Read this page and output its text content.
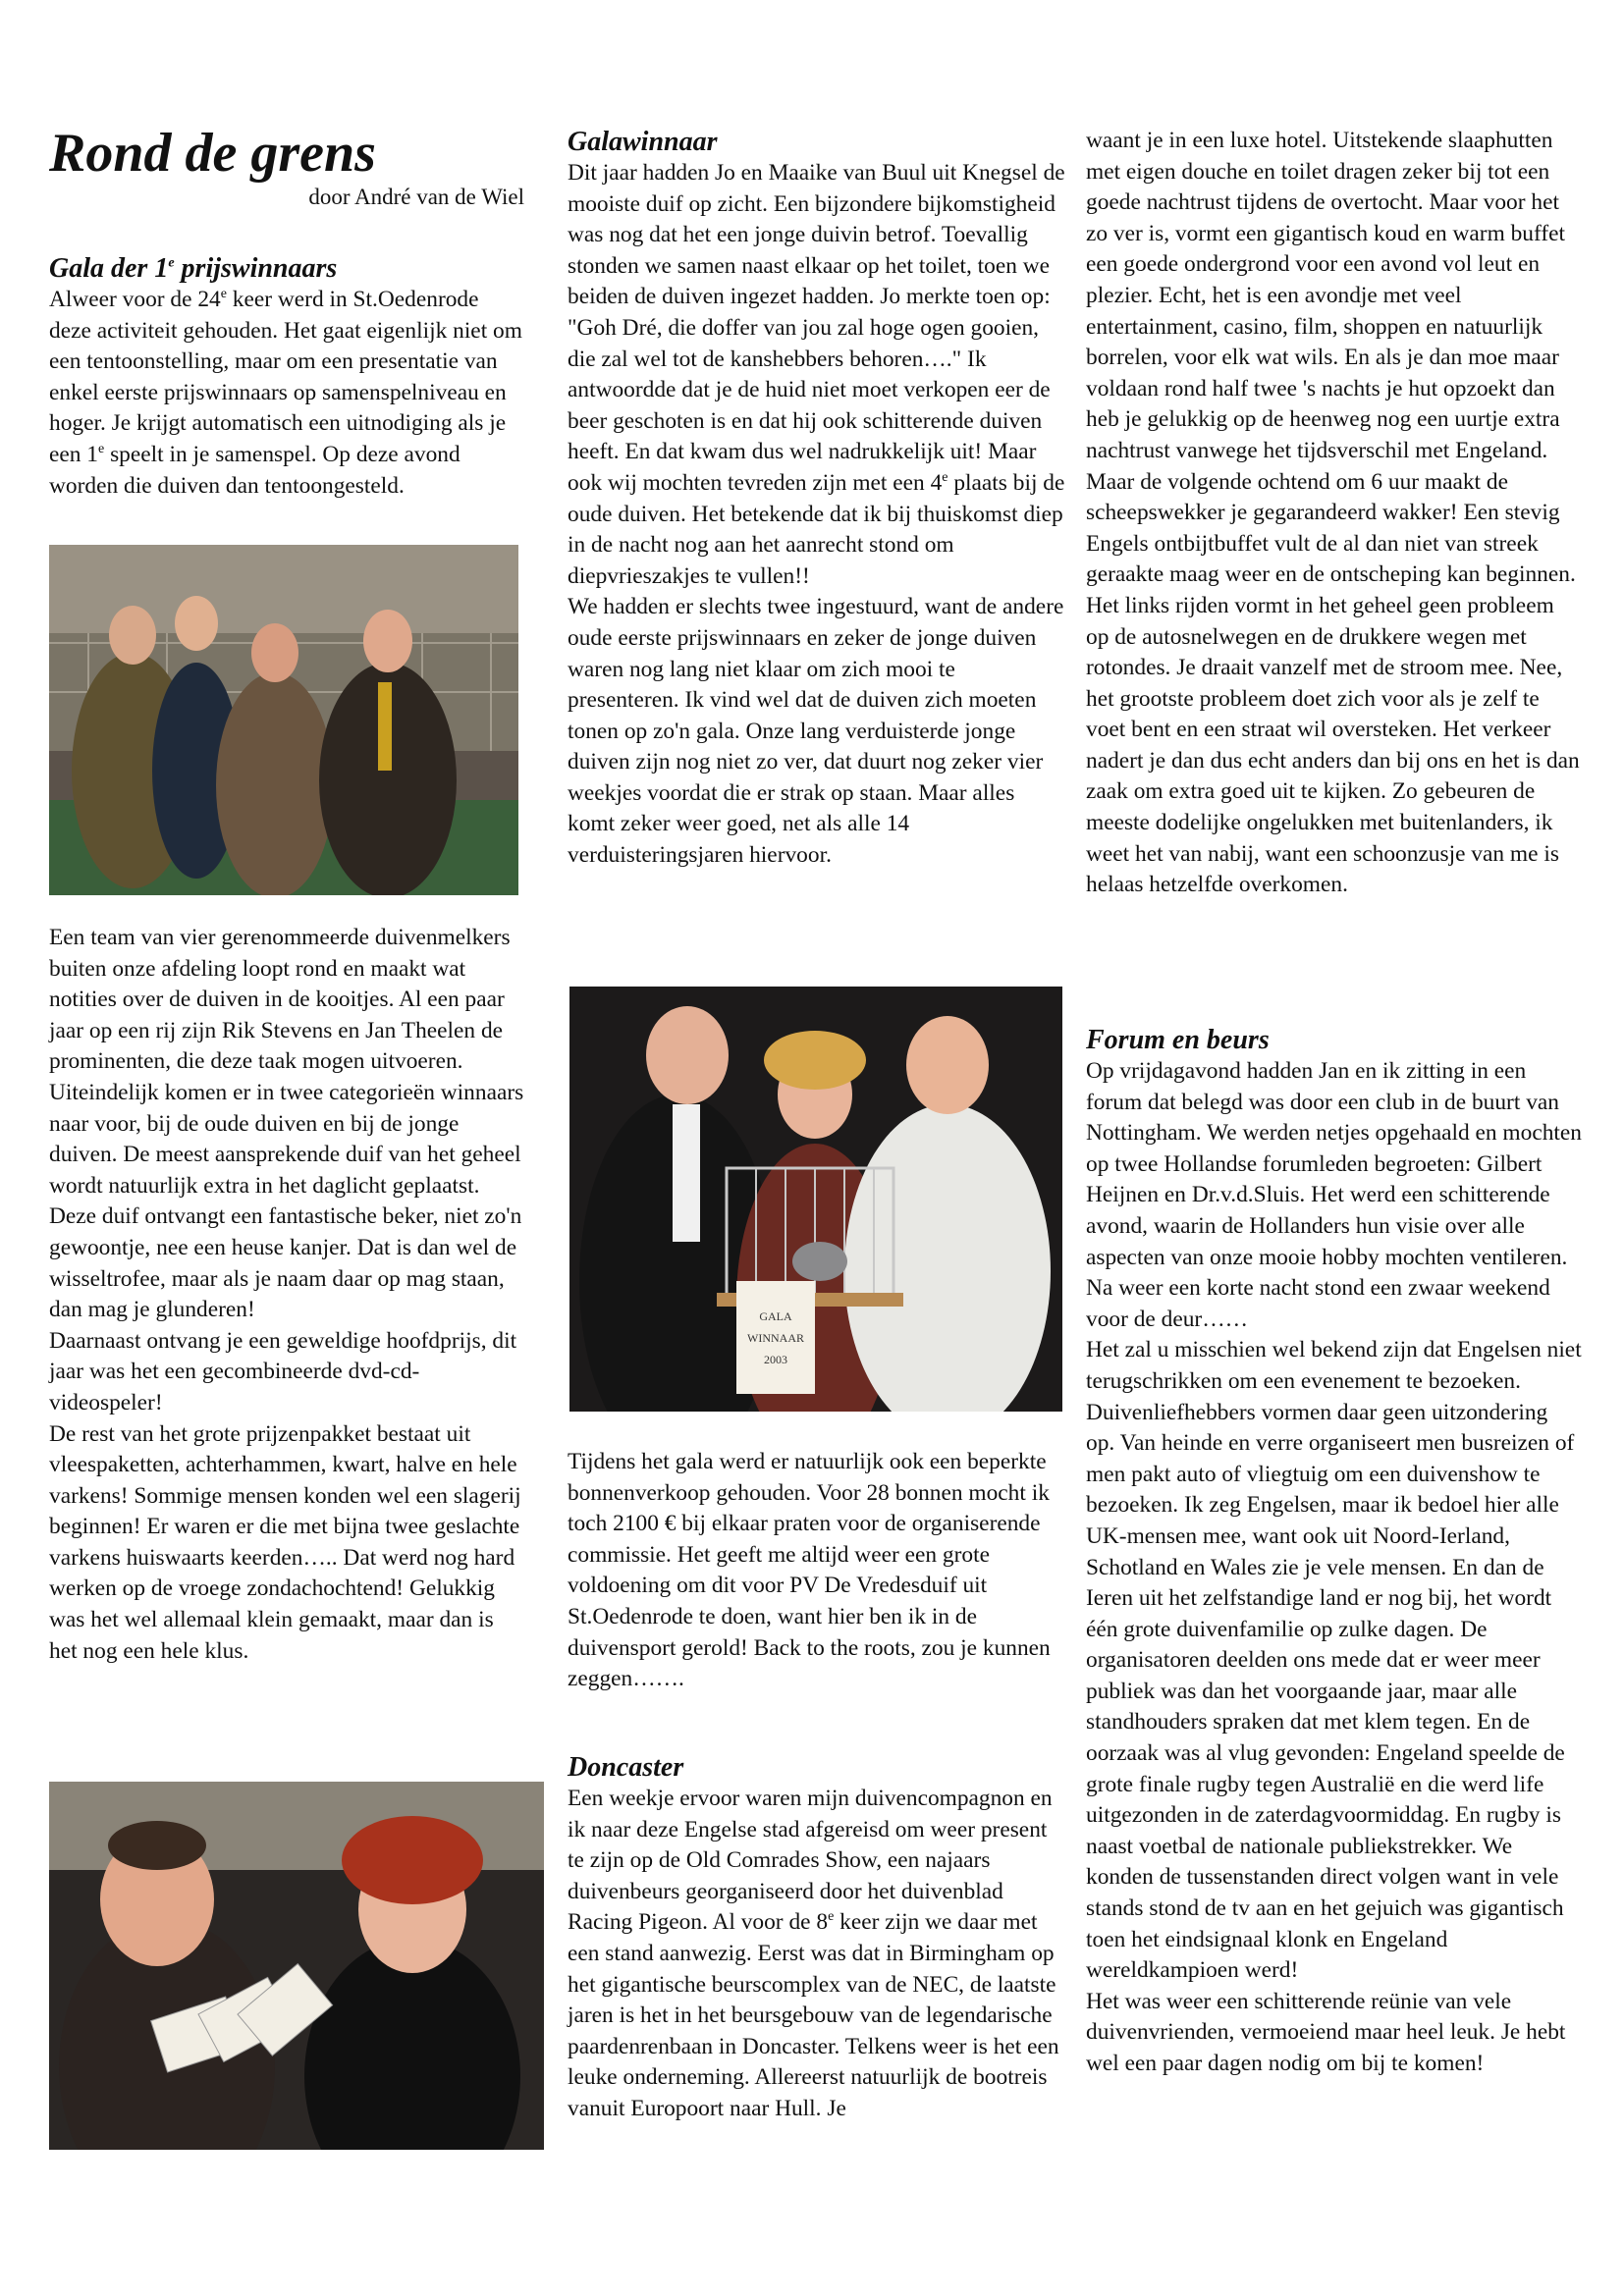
Rond de grens
door André van de Wiel
Gala der 1e prijswinnaars

Alweer voor de 24e keer werd in St.Oedenrode deze activiteit gehouden. Het gaat eigenlijk niet om een tentoonstelling, maar om een presentatie van enkel eerste prijswinnaars op samenspelniveau en hoger. Je krijgt automatisch een uitnodiging als je een 1e speelt in je samenspel. Op deze avond worden die duiven dan tentoongesteld.

Een team van vier gerenommeerde duivenmelkers buiten onze afdeling loopt rond en maakt wat notities over de duiven in de kooitjes. Al een paar jaar op een rij zijn Rik Stevens en Jan Theelen de prominenten, die deze taak mogen uitvoeren. Uiteindelijk komen er in twee categorieën winnaars naar voor, bij de oude duiven en bij de jonge duiven. De meest aansprekende duif van het geheel wordt natuurlijk extra in het daglicht geplaatst. Deze duif ontvangt een fantastische beker, niet zo'n gewoontje, nee een heuse kanjer. Dat is dan wel de wisseltrofee, maar als je naam daar op mag staan, dan mag je glunderen!
Daarnaast ontvang je een geweldige hoofdprijs, dit jaar was het een gecombineerde dvd-cd-videospeler!
De rest van het grote prijzenpakket bestaat uit vleespaketten, achterhammen, kwart, halve en hele varkens! Sommige mensen konden wel een slagerij beginnen! Er waren er die met bijna twee geslachte varkens huiswaarts keerden….. Dat werd nog hard werken op de vroege zondachochtend! Gelukkig was het wel allemaal klein gemaakt, maar dan is het nog een hele klus.

Galawinnaar

Dit jaar hadden Jo en Maaike van Buul uit Knegsel de mooiste duif op zicht. Een bijzondere bijkomstigheid was nog dat het een jonge duivin betrof. Toevallig stonden we samen naast elkaar op het toilet, toen we beiden de duiven ingezet hadden. Jo merkte toen op: "Goh Dré, die doffer van jou zal hoge ogen gooien, die zal wel tot de kanshebbers behoren…." Ik antwoordde dat je de huid niet moet verkopen eer de beer geschoten is en dat hij ook schitterende duiven heeft. En dat kwam dus wel nadrukkelijk uit! Maar ook wij mochten tevreden zijn met een 4e plaats bij de oude duiven. Het betekende dat ik bij thuiskomst diep in de nacht nog aan het aanrecht stond om diepvrieszakjes te vullen!!
We hadden er slechts twee ingestuurd, want de andere oude eerste prijswinnaars en zeker de jonge duiven waren nog lang niet klaar om zich mooi te presenteren. Ik vind wel dat de duiven zich moeten tonen op zo'n gala. Onze lang verduisterde jonge duiven zijn nog niet zo ver, dat duurt nog zeker vier weekjes voordat die er strak op staan. Maar alles komt zeker weer goed, net als alle 14 verduisteringsjaren hiervoor.

GALA
WINNAAR
2003

Tijdens het gala werd er natuurlijk ook een beperkte bonnenverkoop gehouden. Voor 28 bonnen mocht ik toch 2100 € bij elkaar praten voor de organiserende commissie. Het geeft me altijd weer een grote voldoening om dit voor PV De Vredesduif uit St.Oedenrode te doen, want hier ben ik in de duivensport gerold! Back to the roots, zou je kunnen zeggen…….

Doncaster

Een weekje ervoor waren mijn duivencompagnon en ik naar deze Engelse stad afgereisd om weer present te zijn op de Old Comrades Show, een najaars duivenbeurs georganiseerd door het duivenblad Racing Pigeon. Al voor de 8e keer zijn we daar met een stand aanwezig. Eerst was dat in Birmingham op het gigantische beurscomplex van de NEC, de laatste jaren is het in het beursgebouw van de legendarische paardenrenbaan in Doncaster. Telkens weer is het een leuke onderneming. Allereerst natuurlijk de bootreis vanuit Europoort naar Hull. Je

waant je in een luxe hotel. Uitstekende slaaphutten met eigen douche en toilet dragen zeker bij tot een goede nachtrust tijdens de overtocht. Maar voor het zo ver is, vormt een gigantisch koud en warm buffet een goede ondergrond voor een avond vol leut en plezier. Echt, het is een avondje met veel entertainment, casino, film, shoppen en natuurlijk borrelen, voor elk wat wils. En als je dan moe maar voldaan rond half twee 's nachts je hut opzoekt dan heb je gelukkig op de heenweg nog een uurtje extra nachtrust vanwege het tijdsverschil met Engeland. Maar de volgende ochtend om 6 uur maakt de scheepswekker je gegarandeerd wakker! Een stevig Engels ontbijtbuffet vult de al dan niet van streek geraakte maag weer en de ontscheping kan beginnen. Het links rijden vormt in het geheel geen probleem op de autosnelwegen en de drukkere wegen met rotondes. Je draait vanzelf met de stroom mee. Nee, het grootste probleem doet zich voor als je zelf te voet bent en een straat wil oversteken. Het verkeer nadert je dan dus echt anders dan bij ons en het is dan zaak om extra goed uit te kijken. Zo gebeuren de meeste dodelijke ongelukken met buitenlanders, ik weet het van nabij, want een schoonzusje van me is helaas hetzelfde overkomen.

Forum en beurs

Op vrijdagavond hadden Jan en ik zitting in een forum dat belegd was door een club in de buurt van Nottingham. We werden netjes opgehaald en mochten op twee Hollandse forumleden begroeten: Gilbert Heijnen en Dr.v.d.Sluis. Het werd een schitterende avond, waarin de Hollanders hun visie over alle aspecten van onze mooie hobby mochten ventileren. Na weer een korte nacht stond een zwaar weekend voor de deur……
Het zal u misschien wel bekend zijn dat Engelsen niet terugschrikken om een evenement te bezoeken. Duivenliefhebbers vormen daar geen uitzondering op. Van heinde en verre organiseert men busreizen of men pakt auto of vliegtuig om een duivenshow te bezoeken. Ik zeg Engelsen, maar ik bedoel hier alle UK-mensen mee, want ook uit Noord-Ierland, Schotland en Wales zie je vele mensen. En dan de Ieren uit het zelfstandige land er nog bij, het wordt één grote duivenfamilie op zulke dagen. De organisatoren deelden ons mede dat er weer meer publiek was dan het voorgaande jaar, maar alle standhouders spraken dat met klem tegen. En de oorzaak was al vlug gevonden: Engeland speelde de grote finale rugby tegen Australië en die werd life uitgezonden in de zaterdagvoormiddag. En rugby is naast voetbal de nationale publiekstrekker. We konden de tussenstanden direct volgen want in vele stands stond de tv aan en het gejuich was gigantisch toen het eindsignaal klonk en Engeland wereldkampioen werd!
Het was weer een schitterende reünie van vele duivenvrienden, vermoeiend maar heel leuk. Je hebt wel een paar dagen nodig om bij te komen!
